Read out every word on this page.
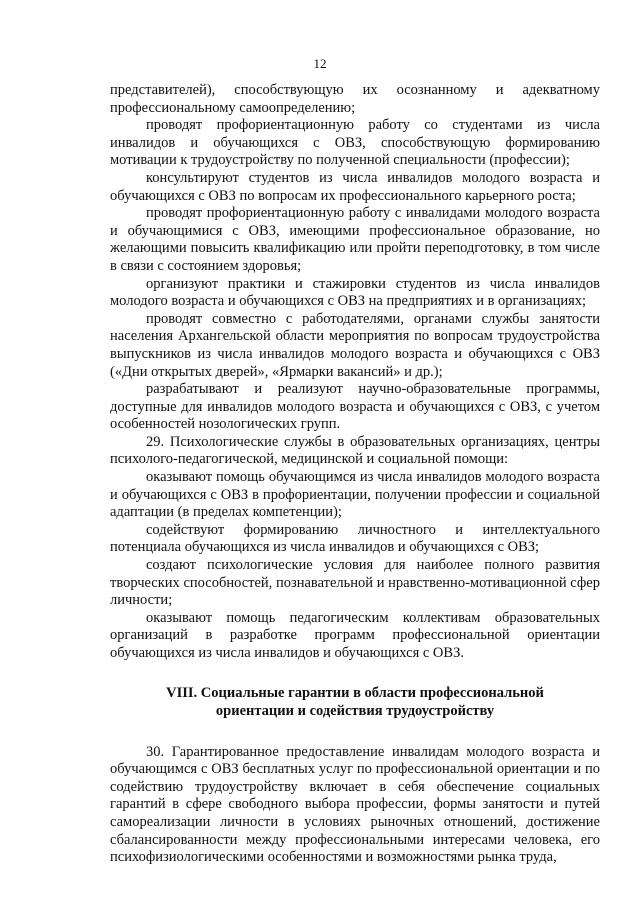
12

представителей), способствующую их осознанному и адекватному профессиональному самоопределению;

проводят профориентационную работу со студентами из числа инвалидов и обучающихся с ОВЗ, способствующую формированию мотивации к трудоустройству по полученной специальности (профессии);

консультируют студентов из числа инвалидов молодого возраста и обучающихся с ОВЗ по вопросам их профессионального карьерного роста;

проводят профориентационную работу с инвалидами молодого возраста и обучающимися с ОВЗ, имеющими профессиональное образование, но желающими повысить квалификацию или пройти переподготовку, в том числе в связи с состоянием здоровья;

организуют практики и стажировки студентов из числа инвалидов молодого возраста и обучающихся с ОВЗ на предприятиях и в организациях;

проводят совместно с работодателями, органами службы занятости населения Архангельской области мероприятия по вопросам трудоустройства выпускников из числа инвалидов молодого возраста и обучающихся с ОВЗ («Дни открытых дверей», «Ярмарки вакансий» и др.);

разрабатывают и реализуют научно-образовательные программы, доступные для инвалидов молодого возраста и обучающихся с ОВЗ, с учетом особенностей нозологических групп.

29. Психологические службы в образовательных организациях, центры психолого-педагогической, медицинской и социальной помощи:

оказывают помощь обучающимся из числа инвалидов молодого возраста и обучающихся с ОВЗ в профориентации, получении профессии и социальной адаптации (в пределах компетенции);

содействуют формированию личностного и интеллектуального потенциала обучающихся из числа инвалидов и обучающихся с ОВЗ;

создают психологические условия для наиболее полного развития творческих способностей, познавательной и нравственно-мотивационной сфер личности;

оказывают помощь педагогическим коллективам образовательных организаций в разработке программ профессиональной ориентации обучающихся из числа инвалидов и обучающихся с ОВЗ.

VIII. Социальные гарантии в области профессиональной
ориентации и содействия трудоустройству

30. Гарантированное предоставление инвалидам молодого возраста и обучающимся с ОВЗ бесплатных услуг по профессиональной ориентации и по содействию трудоустройству включает в себя обеспечение социальных гарантий в сфере свободного выбора профессии, формы занятости и путей самореализации личности в условиях рыночных отношений, достижение сбалансированности между профессиональными интересами человека, его психофизиологическими особенностями и возможностями рынка труда,
